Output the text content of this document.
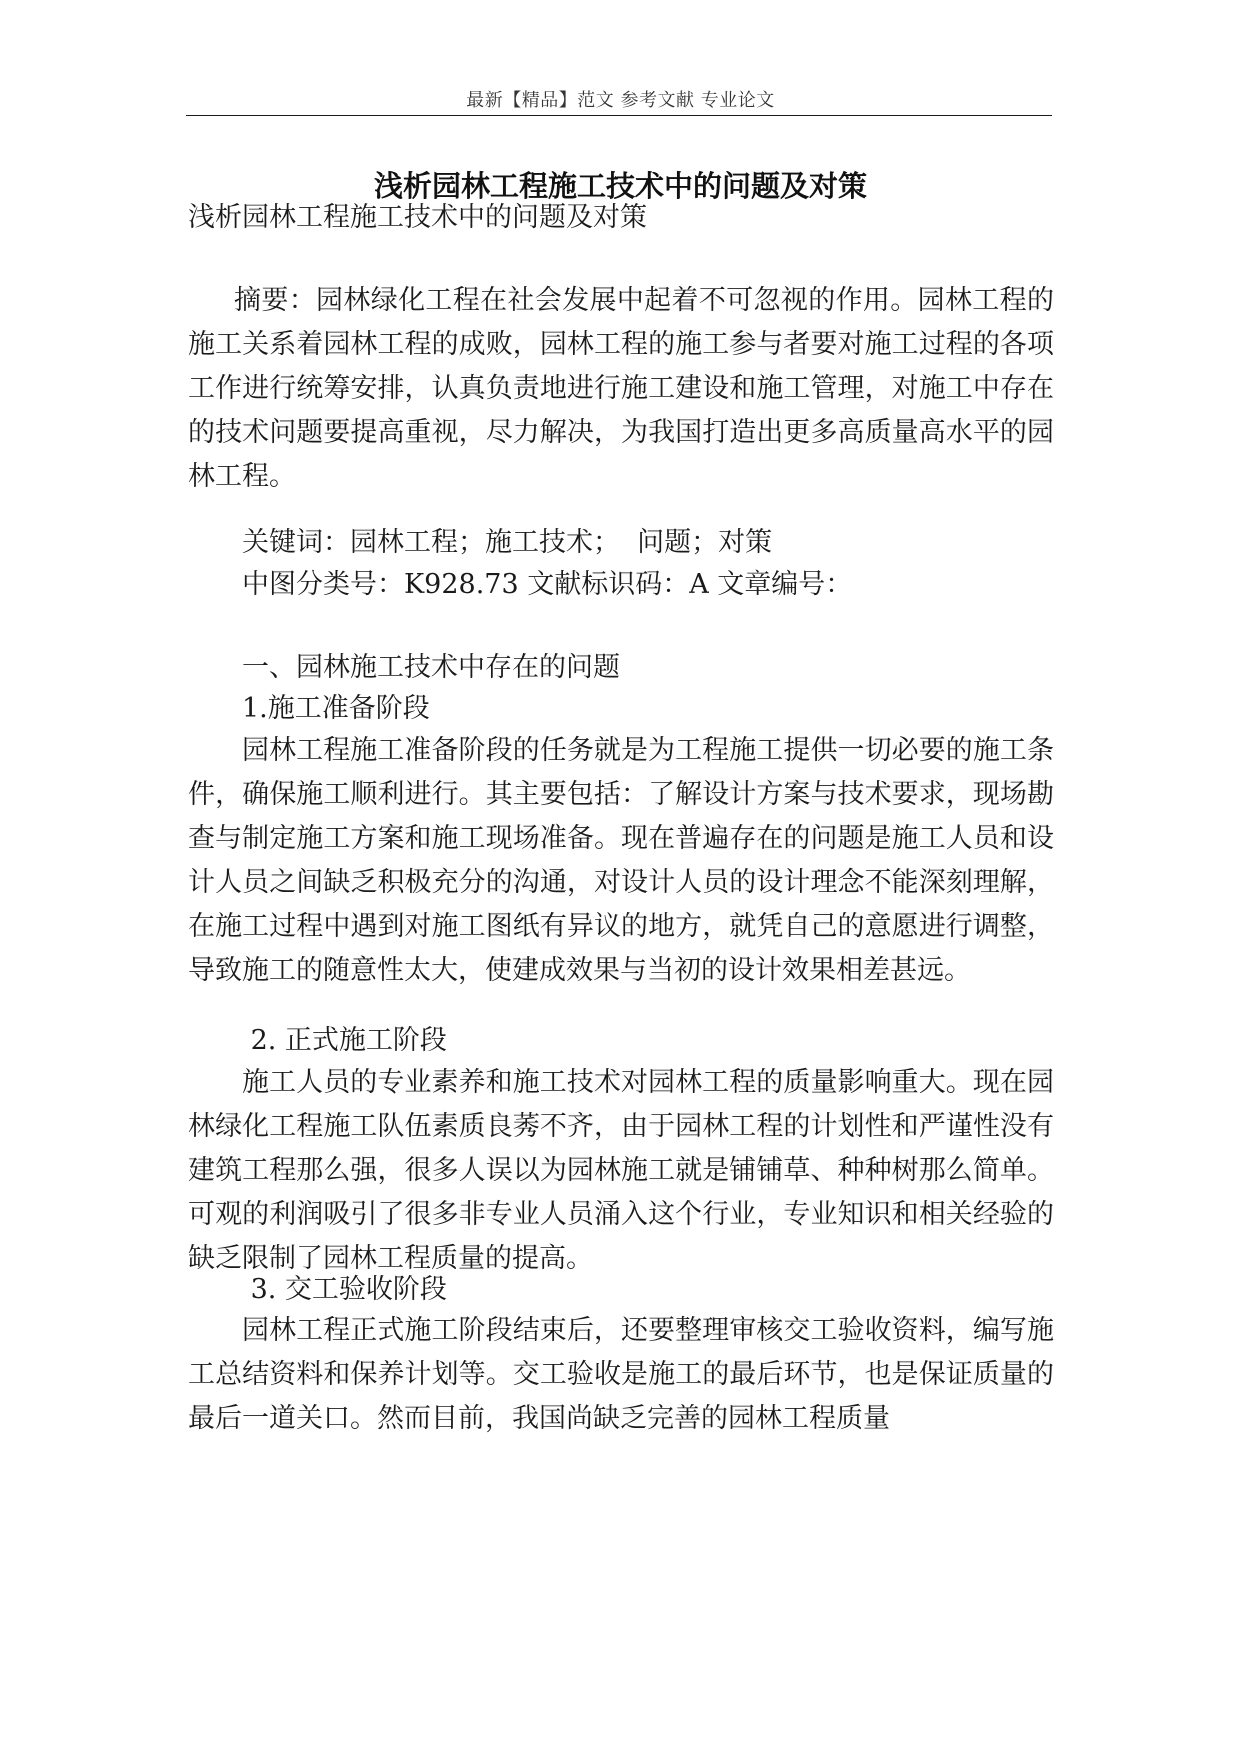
最新【精品】范文 参考文献 专业论文
浅析园林工程施工技术中的问题及对策

浅析园林工程施工技术中的问题及对策

摘要：园林绿化工程在社会发展中起着不可忽视的作用。园林工程的施工关系着园林工程的成败，园林工程的施工参与者要对施工过程的各项工作进行统筹安排，认真负责地进行施工建设和施工管理，对施工中存在的技术问题要提高重视，尽力解决，为我国打造出更多高质量高水平的园林工程。

关键词：园林工程；施工技术；  问题；对策

中图分类号：K928.73 文献标识码：A 文章编号：

一、园林施工技术中存在的问题

1.施工准备阶段

园林工程施工准备阶段的任务就是为工程施工提供一切必要的施工条件，确保施工顺利进行。其主要包括：了解设计方案与技术要求，现场勘查与制定施工方案和施工现场准备。现在普遍存在的问题是施工人员和设计人员之间缺乏积极充分的沟通，对设计人员的设计理念不能深刻理解，在施工过程中遇到对施工图纸有异议的地方，就凭自己的意愿进行调整，导致施工的随意性太大，使建成效果与当初的设计效果相差甚远。

2. 正式施工阶段

施工人员的专业素养和施工技术对园林工程的质量影响重大。现在园林绿化工程施工队伍素质良莠不齐，由于园林工程的计划性和严谨性没有建筑工程那么强，很多人误以为园林施工就是铺铺草、种种树那么简单。可观的利润吸引了很多非专业人员涌入这个行业，专业知识和相关经验的缺乏限制了园林工程质量的提高。

3. 交工验收阶段

园林工程正式施工阶段结束后，还要整理审核交工验收资料，编写施工总结资料和保养计划等。交工验收是施工的最后环节，也是保证质量的最后一道关口。然而目前，我国尚缺乏完善的园林工程质量
